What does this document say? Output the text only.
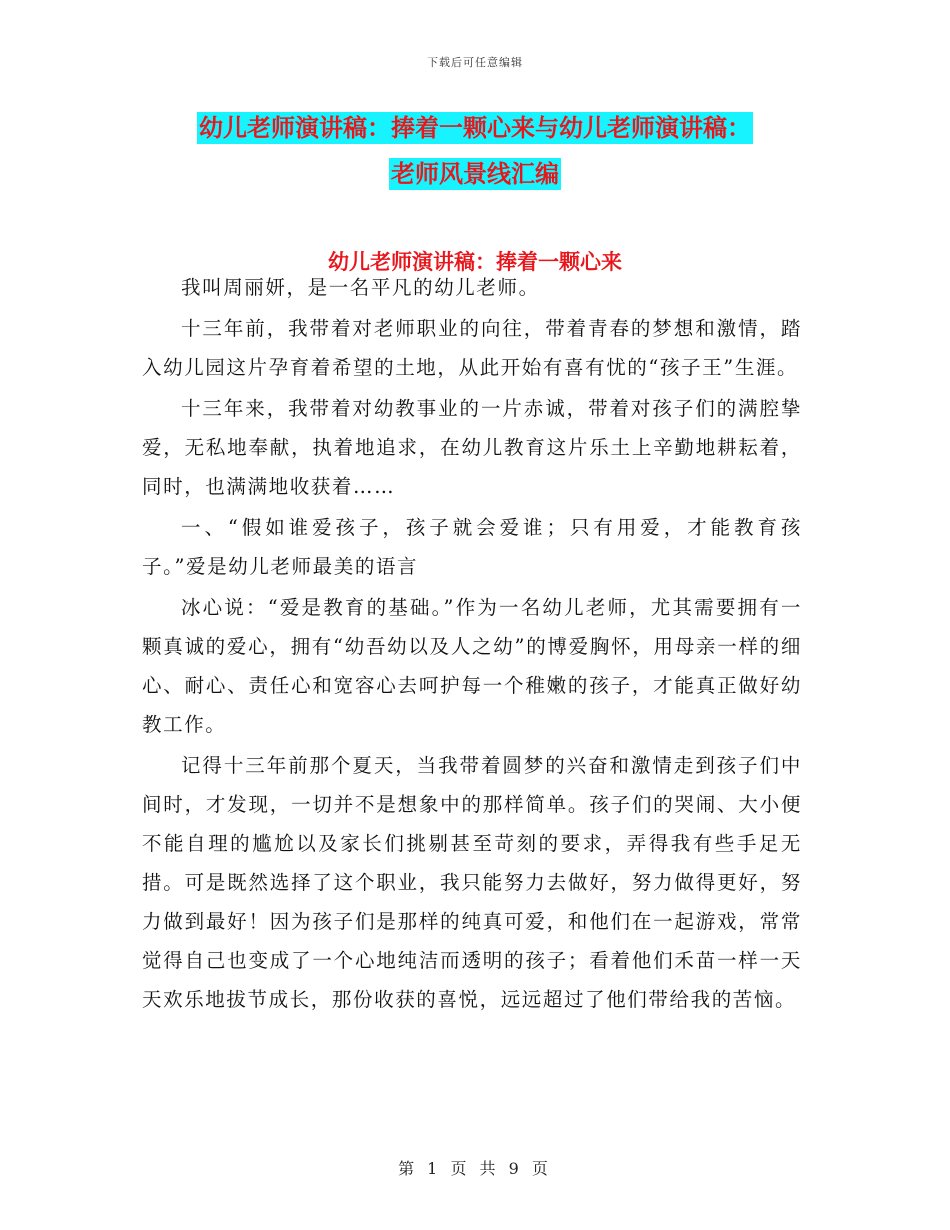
下载后可任意编辑
幼儿老师演讲稿：捧着一颗心来与幼儿老师演讲稿：
老师风景线汇编
幼儿老师演讲稿：捧着一颗心来

我叫周丽妍，是一名平凡的幼儿老师。

十三年前，我带着对老师职业的向往，带着青春的梦想和激情，踏入幼儿园这片孕育着希望的土地，从此开始有喜有忧的“孩子王”生涯。

十三年来，我带着对幼教事业的一片赤诚，带着对孩子们的满腔挚爱，无私地奉献，执着地追求，在幼儿教育这片乐土上辛勤地耕耘着，同时，也满满地收获着……

一、“假如谁爱孩子，孩子就会爱谁；只有用爱，才能教育孩子。”爱是幼儿老师最美的语言

冰心说：“爱是教育的基础。”作为一名幼儿老师，尤其需要拥有一颗真诚的爱心，拥有“幼吾幼以及人之幼”的博爱胸怀，用母亲一样的细心、耐心、责任心和宽容心去呵护每一个稚嫩的孩子，才能真正做好幼教工作。

记得十三年前那个夏天，当我带着圆梦的兴奋和激情走到孩子们中间时，才发现，一切并不是想象中的那样简单。孩子们的哭闹、大小便不能自理的尴尬以及家长们挑剔甚至苛刻的要求，弄得我有些手足无措。可是既然选择了这个职业，我只能努力去做好，努力做得更好，努力做到最好！因为孩子们是那样的纯真可爱，和他们在一起游戏，常常觉得自己也变成了一个心地纯洁而透明的孩子；看着他们禾苗一样一天天欢乐地拔节成长，那份收获的喜悦，远远超过了他们带给我的苦恼。

第 1 页 共 9 页
